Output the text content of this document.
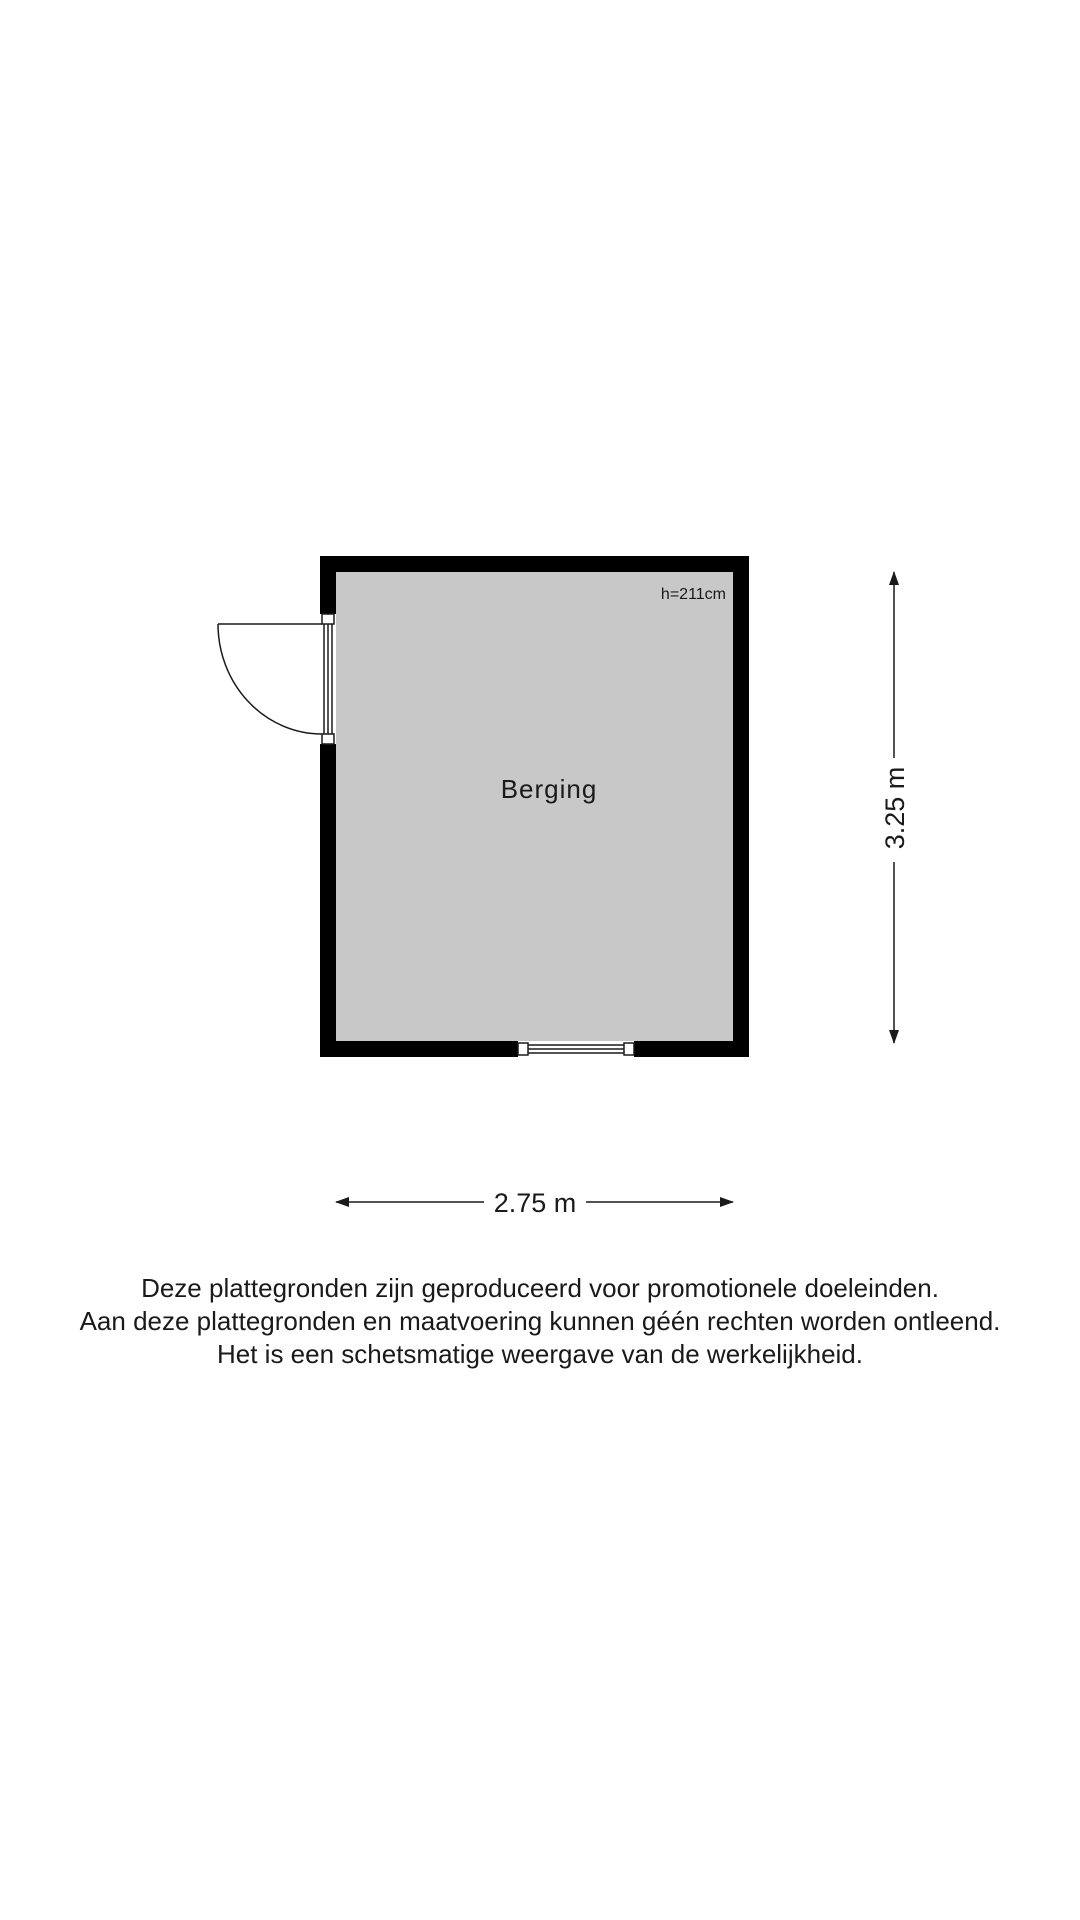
Berging
h=211cm
3.25 m
2.75 m
Deze plattegronden zijn geproduceerd voor promotionele doeleinden.
Aan deze plattegronden en maatvoering kunnen géén rechten worden ontleend.
Het is een schetsmatige weergave van de werkelijkheid.
